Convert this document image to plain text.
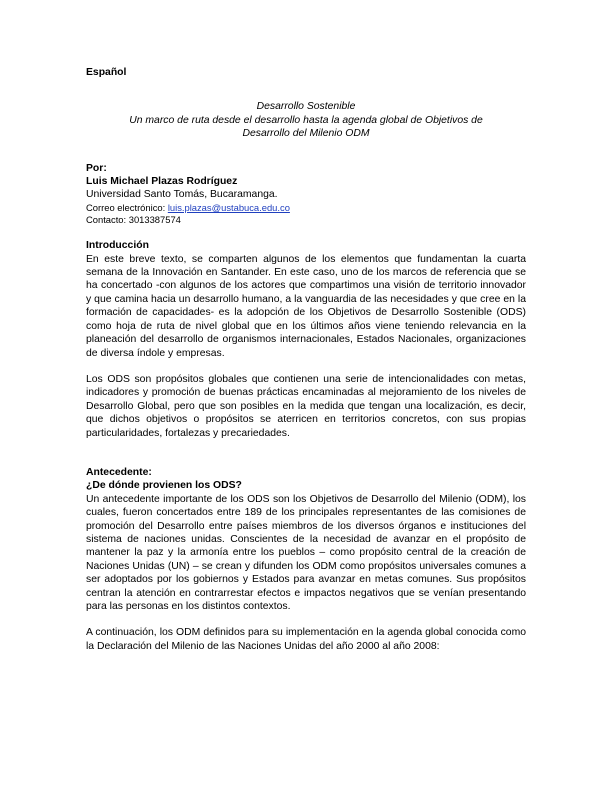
Español
Desarrollo Sostenible
Un marco de ruta desde el desarrollo hasta la agenda global de Objetivos de
Desarrollo del Milenio ODM
Por:
Luis Michael Plazas Rodríguez
Universidad Santo Tomás, Bucaramanga.
Correo electrónico: luis.plazas@ustabuca.edu.co
Contacto: 3013387574
Introducción
En este breve texto, se comparten algunos de los elementos que fundamentan la cuarta semana de la Innovación en Santander. En este caso, uno de los marcos de referencia que se ha concertado -con algunos de los actores que compartimos una visión de territorio innovador y que camina hacia un desarrollo humano, a la vanguardia de las necesidades y que cree en la formación de capacidades- es la adopción de los Objetivos de Desarrollo Sostenible (ODS) como hoja de ruta de nivel global que en los últimos años viene teniendo relevancia en la planeación del desarrollo de organismos internacionales, Estados Nacionales, organizaciones de diversa índole y empresas.
Los ODS son propósitos globales que contienen una serie de intencionalidades con metas, indicadores y promoción de buenas prácticas encaminadas al mejoramiento de los niveles de Desarrollo Global, pero que son posibles en la medida que tengan una localización, es decir, que dichos objetivos o propósitos se aterricen en territorios concretos, con sus propias particularidades, fortalezas y precariedades.
Antecedente:
¿De dónde provienen los ODS?
Un antecedente importante de los ODS son los Objetivos de Desarrollo del Milenio (ODM), los cuales, fueron concertados entre 189 de los principales representantes de las comisiones de promoción del Desarrollo entre países miembros de los diversos órganos e instituciones del sistema de naciones unidas. Conscientes de la necesidad de avanzar en el propósito de mantener la paz y la armonía entre los pueblos – como propósito central de la creación de Naciones Unidas (UN) – se crean y difunden los ODM como propósitos universales comunes a ser adoptados por los gobiernos y Estados para avanzar en metas comunes. Sus propósitos centran la atención en contrarrestar efectos e impactos negativos que se venían presentando para las personas en los distintos contextos.
A continuación, los ODM definidos para su implementación en la agenda global conocida como la Declaración del Milenio de las Naciones Unidas del año 2000 al año 2008:
